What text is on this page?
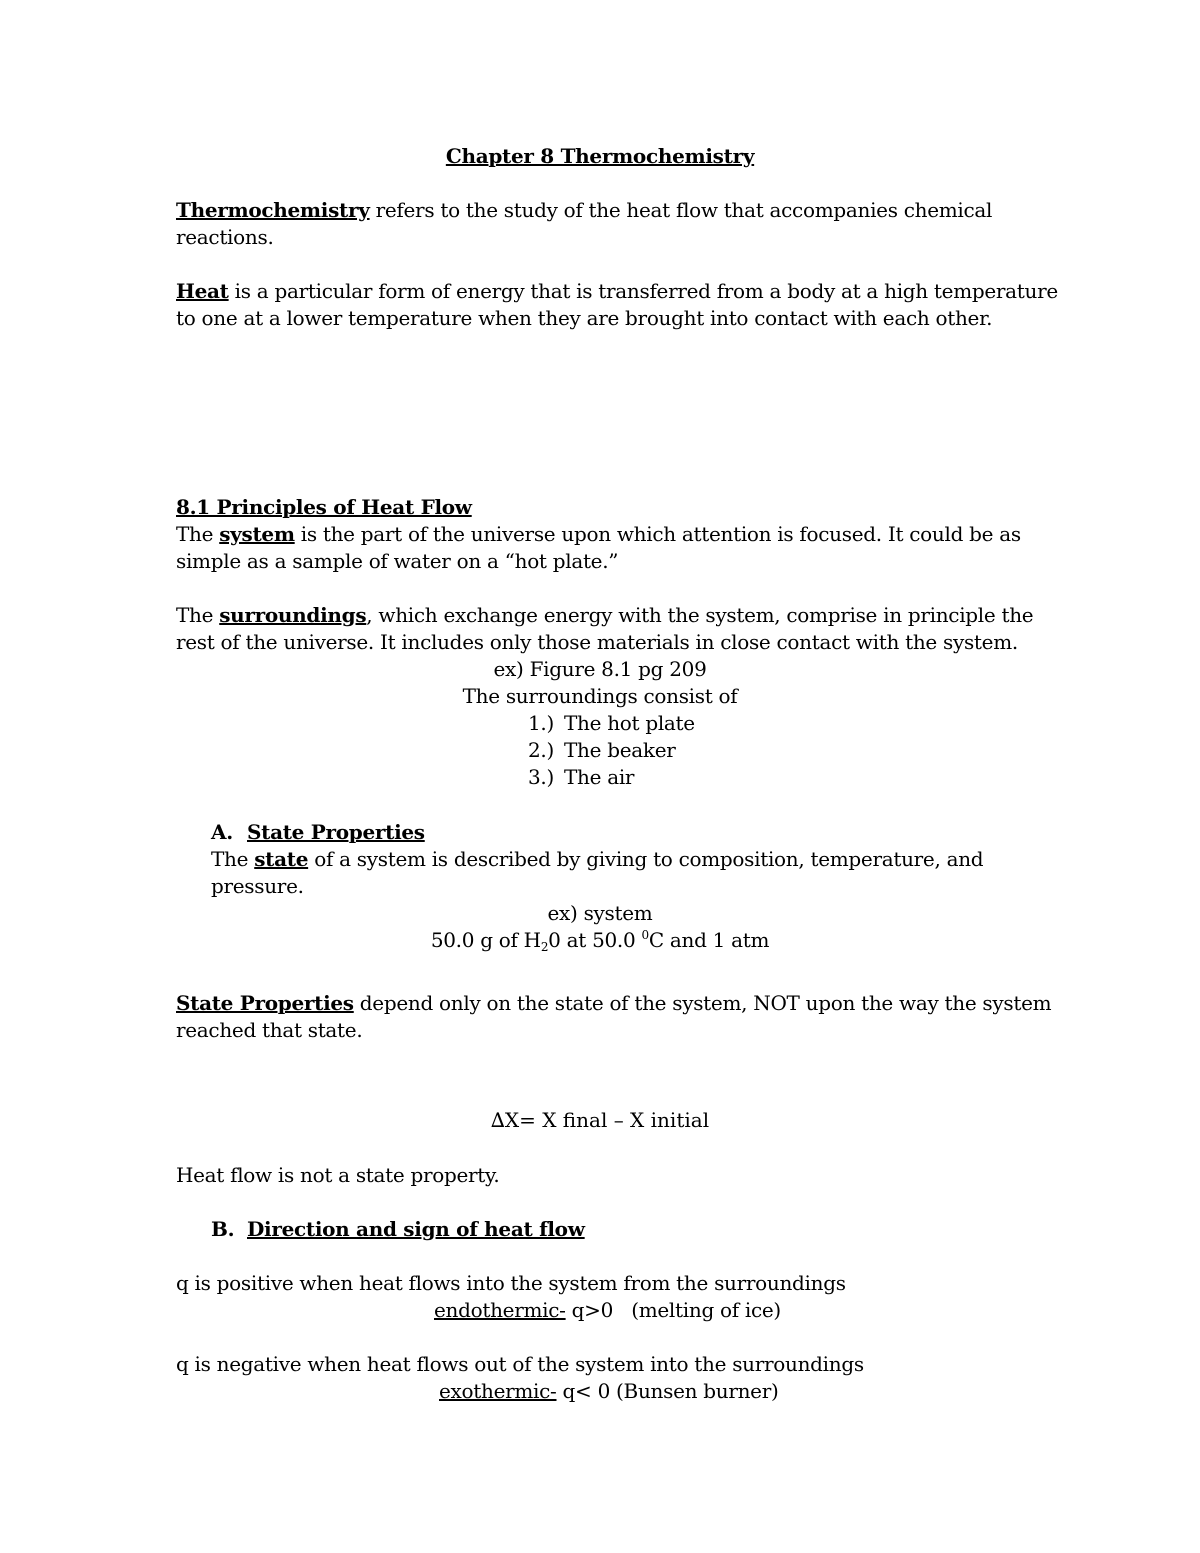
Chapter 8 Thermochemistry
Thermochemistry refers to the study of the heat flow that accompanies chemical
reactions.
Heat is a particular form of energy that is transferred from a body at a high temperature
to one at a lower temperature when they are brought into contact with each other.
8.1 Principles of Heat Flow
The system is the part of the universe upon which attention is focused. It could be as
simple as a sample of water on a “hot plate.”
The surroundings, which exchange energy with the system, comprise in principle the
rest of the universe. It includes only those materials in close contact with the system.
ex) Figure 8.1 pg 209
The surroundings consist of
1.) The hot plate
2.) The beaker
3.) The air
A. State Properties
The state of a system is described by giving to composition, temperature, and
pressure.
ex) system
50.0 g of $H_20$ at 50.0 $^0$C and 1 atm
State Properties depend only on the state of the system, NOT upon the way the system
reached that state.
∆X= X final – X initial
Heat flow is not a state property.
B. Direction and sign of heat flow
q is positive when heat flows into the system from the surroundings
endothermic- q>0   (melting of ice)
q is negative when heat flows out of the system into the surroundings
exothermic- q< 0 (Bunsen burner)
